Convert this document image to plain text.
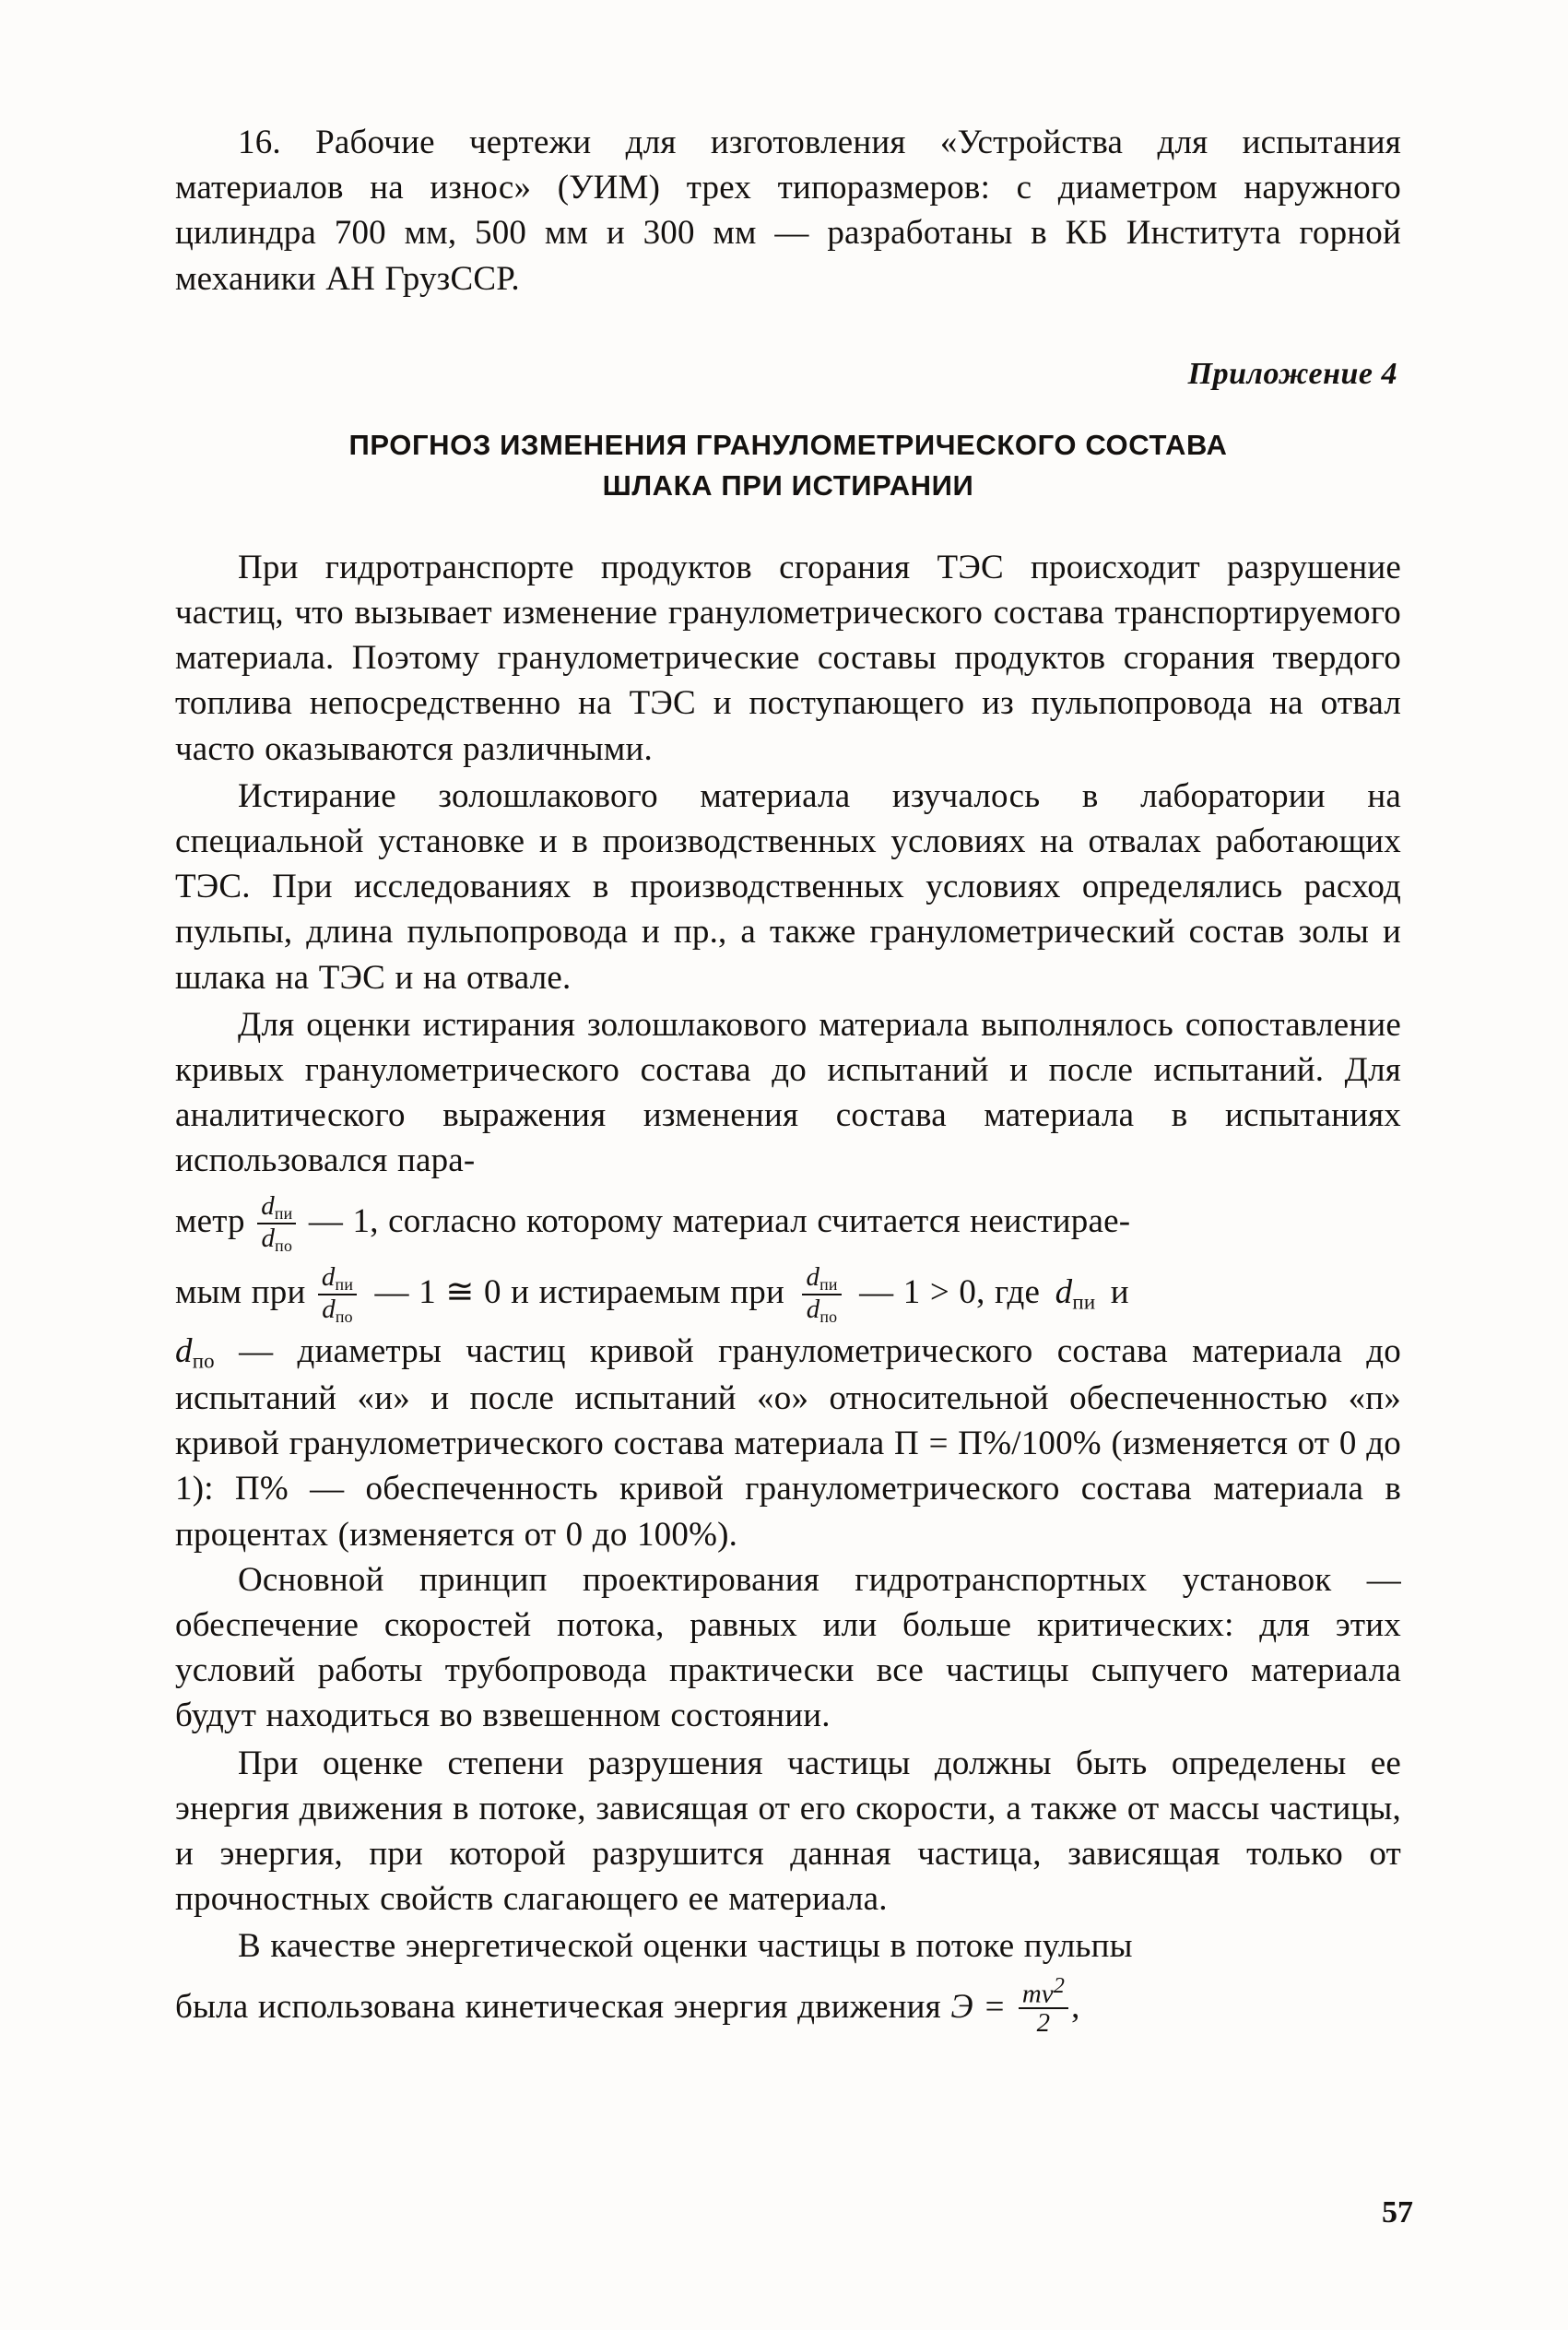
16. Рабочие чертежи для изготовления «Устройства для испытания материалов на износ» (УИМ) трех типоразмеров: с диаметром наружного цилиндра 700 мм, 500 мм и 300 мм — разработаны в КБ Института горной механики АН ГрузССР.

Приложение 4
ПРОГНОЗ ИЗМЕНЕНИЯ ГРАНУЛОМЕТРИЧЕСКОГО СОСТАВА
ШЛАКА ПРИ ИСТИРАНИИ

При гидротранспорте продуктов сгорания ТЭС происходит разрушение частиц, что вызывает изменение гранулометрического состава транспортируемого материала. Поэтому гранулометрические составы продуктов сгорания твердого топлива непосредственно на ТЭС и поступающего из пульпопровода на отвал часто оказываются различными.

Истирание золошлакового материала изучалось в лаборатории на специальной установке и в производственных условиях на отвалах работающих ТЭС. При исследованиях в производственных условиях определялись расход пульпы, длина пульпопровода и пр., а также гранулометрический состав золы и шлака на ТЭС и на отвале.

Для оценки истирания золошлакового материала выполнялось сопоставление кривых гранулометрического состава до испытаний и после испытаний. Для аналитического выражения изменения состава материала в испытаниях использовался пара-

метр $\frac{d_{пи}}{d_{по}}$ — 1, согласно которому материал считается неистирае-

мым при $\frac{d_{пи}}{d_{по}}$ — 1 ≅ 0 и истираемым при $\frac{d_{пи}}{d_{по}}$ — 1 > 0, где $d_{пи}$ и

$d_{по}$ — диаметры частиц кривой гранулометрического состава материала до испытаний «и» и после испытаний «о» относительной обеспеченностью «п» кривой гранулометрического состава материала П = П%/100% (изменяется от 0 до 1): П% — обеспеченность кривой гранулометрического состава материала в процентах (изменяется от 0 до 100%).

Основной принцип проектирования гидротранспортных установок — обеспечение скоростей потока, равных или больше критических: для этих условий работы трубопровода практически все частицы сыпучего материала будут находиться во взвешенном состоянии.

При оценке степени разрушения частицы должны быть определены ее энергия движения в потоке, зависящая от его скорости, а также от массы частицы, и энергия, при которой разрушится данная частица, зависящая только от прочностных свойств слагающего ее материала.

В качестве энергетической оценки частицы в потоке пульпы

была использована кинетическая энергия движения $Э = \frac{mv^2}{2}$ ,

57
